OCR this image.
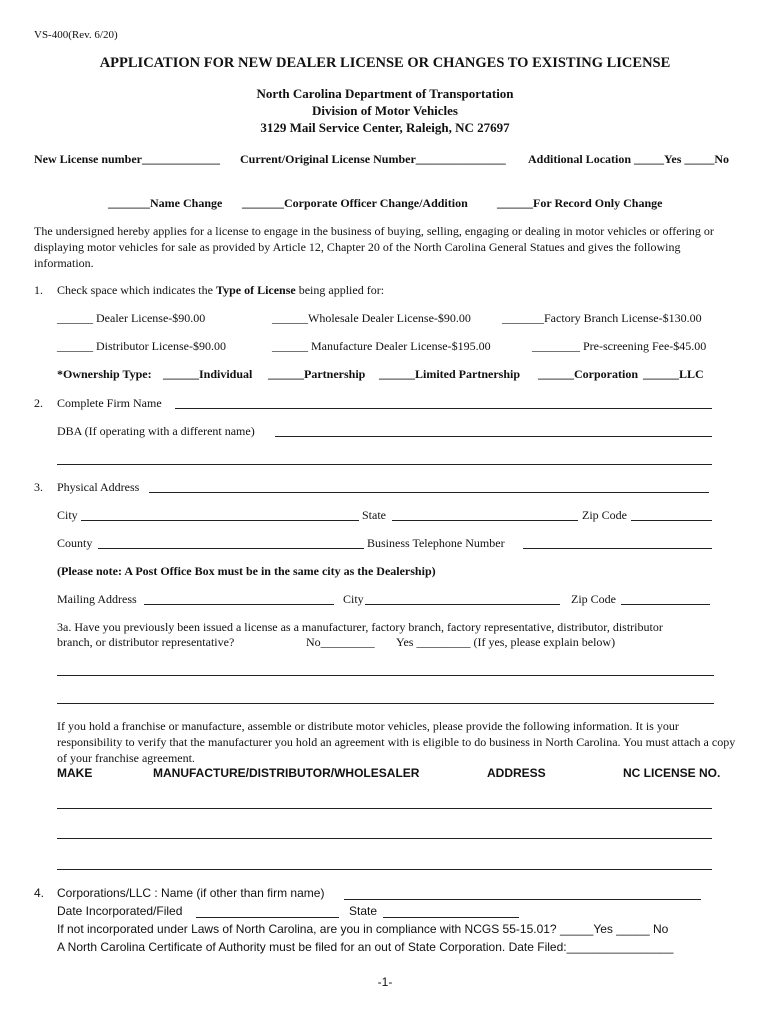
VS-400(Rev. 6/20)
APPLICATION FOR NEW DEALER LICENSE OR CHANGES TO EXISTING LICENSE
North Carolina Department of Transportation
Division of Motor Vehicles
3129 Mail Service Center, Raleigh, NC 27697
New License number_____________ Current/Original License Number_______________ Additional Location _____Yes _____No
_______Name Change _______Corporate Officer Change/Addition ______For Record Only Change
The undersigned hereby applies for a license to engage in the business of buying, selling, engaging or dealing in motor vehicles or offering or displaying motor vehicles for sale as provided by Article 12, Chapter 20 of the North Carolina General Statues and gives the following information.
1. Check space which indicates the Type of License being applied for:
______ Dealer License-$90.00	______Wholesale Dealer License-$90.00	_______Factory Branch License-$130.00
______ Distributor License-$90.00	______ Manufacture Dealer License-$195.00	________ Pre-screening Fee-$45.00
*Ownership Type: ______Individual ______Partnership ______Limited Partnership ______Corporation ______LLC
2. Complete Firm Name
DBA (If operating with a different name)
3. Physical Address
City	State	Zip Code
County	Business Telephone Number
(Please note: A Post Office Box must be in the same city as the Dealership)
Mailing Address	City	Zip Code
3a. Have you previously been issued a license as a manufacturer, factory branch, factory representative, distributor, distributor
branch, or distributor representative?	No_________ Yes _________ (If yes, please explain below)
If you hold a franchise or manufacture, assemble or distribute motor vehicles, please provide the following information. It is your responsibility to verify that the manufacturer you hold an agreement with is eligible to do business in North Carolina. You must attach a copy of your franchise agreement.
MAKE	MANUFACTURE/DISTRIBUTOR/WHOLESALER	ADDRESS	NC LICENSE NO.
4. Corporations/LLC : Name (if other than firm name)
Date Incorporated/Filed	State
If not incorporated under Laws of North Carolina, are you in compliance with NCGS 55-15.01? _____Yes _____ No
A North Carolina Certificate of Authority must be filed for an out of State Corporation. Date Filed:________________
-1-
